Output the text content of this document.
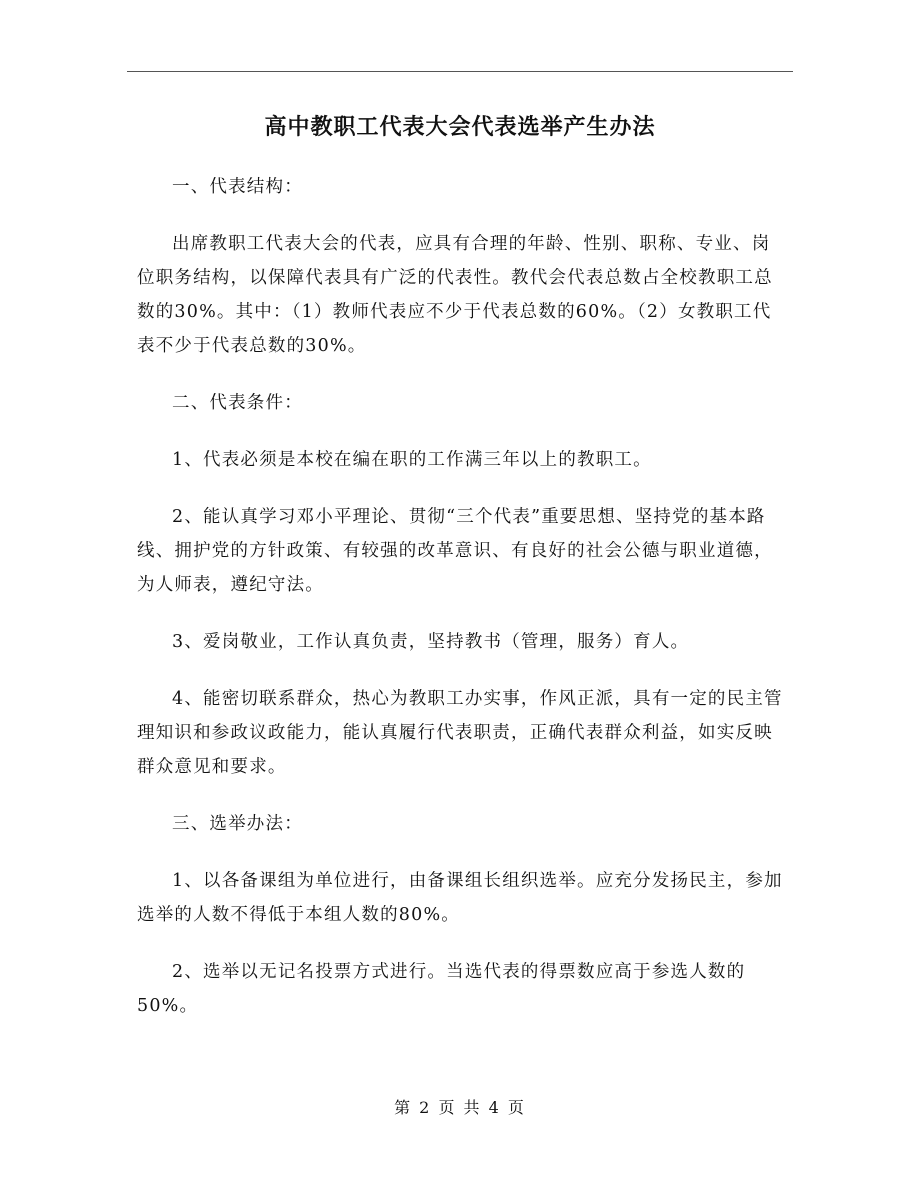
高中教职工代表大会代表选举产生办法

一、代表结构：

出席教职工代表大会的代表，应具有合理的年龄、性别、职称、专业、岗位职务结构，以保障代表具有广泛的代表性。教代会代表总数占全校教职工总数的30%。其中：（1）教师代表应不少于代表总数的60%。（2）女教职工代表不少于代表总数的30%。

二、代表条件：

1、代表必须是本校在编在职的工作满三年以上的教职工。

2、能认真学习邓小平理论、贯彻“三个代表”重要思想、坚持党的基本路线、拥护党的方针政策、有较强的改革意识、有良好的社会公德与职业道德，为人师表，遵纪守法。

3、爱岗敬业，工作认真负责，坚持教书（管理，服务）育人。

4、能密切联系群众，热心为教职工办实事，作风正派，具有一定的民主管理知识和参政议政能力，能认真履行代表职责，正确代表群众利益，如实反映群众意见和要求。

三、选举办法：

1、以各备课组为单位进行，由备课组长组织选举。应充分发扬民主，参加选举的人数不得低于本组人数的80%。

2、选举以无记名投票方式进行。当选代表的得票数应高于参选人数的50%。

第 2 页 共 4 页
